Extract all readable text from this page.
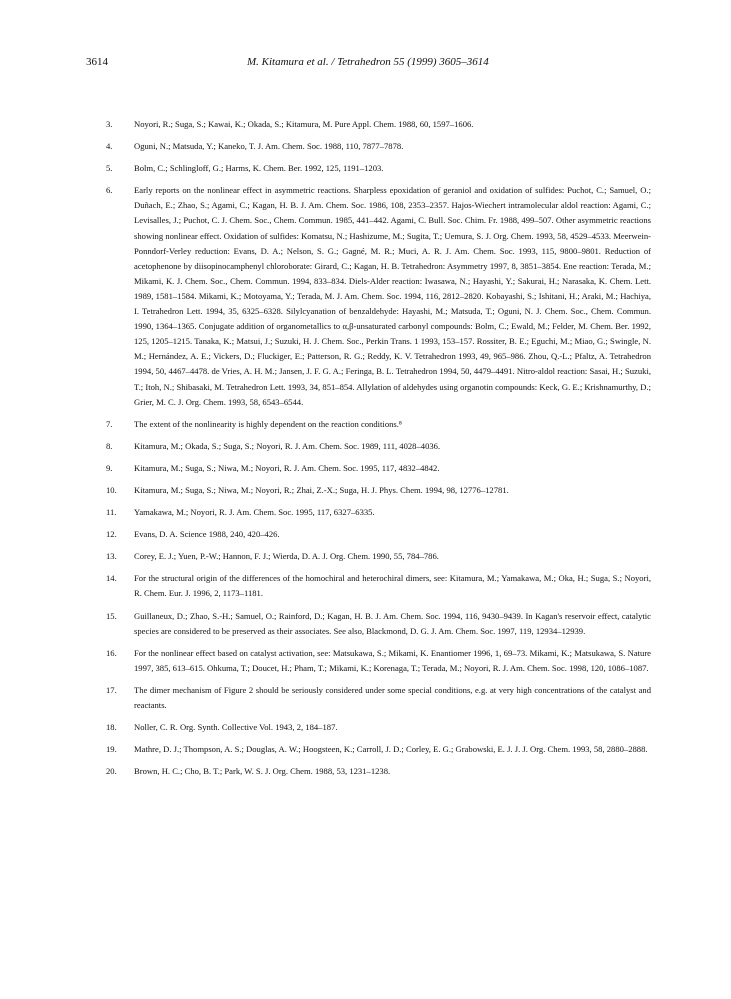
3614	M. Kitamura et al. / Tetrahedron 55 (1999) 3605–3614
3.	Noyori, R.; Suga, S.; Kawai, K.; Okada, S.; Kitamura, M. Pure Appl. Chem. 1988, 60, 1597–1606.
4.	Oguni, N.; Matsuda, Y.; Kaneko, T. J. Am. Chem. Soc. 1988, 110, 7877–7878.
5.	Bolm, C.; Schlingloff, G.; Harms, K. Chem. Ber. 1992, 125, 1191–1203.
6.	Early reports on the nonlinear effect in asymmetric reactions. Sharpless epoxidation of geraniol and oxidation of sulfides: Puchot, C.; Samuel, O.; Duñach, E.; Zhao, S.; Agami, C.; Kagan, H. B. J. Am. Chem. Soc. 1986, 108, 2353–2357. Hajos-Wiechert intramolecular aldol reaction: Agami, C.; Levisalles, J.; Puchot, C. J. Chem. Soc., Chem. Commun. 1985, 441–442. Agami, C. Bull. Soc. Chim. Fr. 1988, 499–507. Other asymmetric reactions showing nonlinear effect. Oxidation of sulfides: Komatsu, N.; Hashizume, M.; Sugita, T.; Uemura, S. J. Org. Chem. 1993, 58, 4529–4533. Meerwein-Ponndorf-Verley reduction: Evans, D. A.; Nelson, S. G.; Gagné, M. R.; Muci, A. R. J. Am. Chem. Soc. 1993, 115, 9800–9801. Reduction of acetophenone by diisopinocamphenyl chloroborate: Girard, C.; Kagan, H. B. Tetrahedron: Asymmetry 1997, 8, 3851–3854. Ene reaction: Terada, M.; Mikami, K. J. Chem. Soc., Chem. Commun. 1994, 833–834. Diels-Alder reaction: Iwasawa, N.; Hayashi, Y.; Sakurai, H.; Narasaka, K. Chem. Lett. 1989, 1581–1584. Mikami, K.; Motoyama, Y.; Terada, M. J. Am. Chem. Soc. 1994, 116, 2812–2820. Kobayashi, S.; Ishitani, H.; Araki, M.; Hachiya, I. Tetrahedron Lett. 1994, 35, 6325–6328. Silylcyanation of benzaldehyde: Hayashi, M.; Matsuda, T.; Oguni, N. J. Chem. Soc., Chem. Commun. 1990, 1364–1365. Conjugate addition of organometallics to α,β-unsaturated carbonyl compounds: Bolm, C.; Ewald, M.; Felder, M. Chem. Ber. 1992, 125, 1205–1215. Tanaka, K.; Matsui, J.; Suzuki, H. J. Chem. Soc., Perkin Trans. 1 1993, 153–157. Rossiter, B. E.; Eguchi, M.; Miao, G.; Swingle, N. M.; Hernández, A. E.; Vickers, D.; Fluckiger, E.; Patterson, R. G.; Reddy, K. V. Tetrahedron 1993, 49, 965–986. Zhou, Q.-L.; Pfaltz, A. Tetrahedron 1994, 50, 4467–4478. de Vries, A. H. M.; Jansen, J. F. G. A.; Feringa, B. L. Tetrahedron 1994, 50, 4479–4491. Nitro-aldol reaction: Sasai, H.; Suzuki, T.; Itoh, N.; Shibasaki, M. Tetrahedron Lett. 1993, 34, 851–854. Allylation of aldehydes using organotin compounds: Keck, G. E.; Krishnamurthy, D.; Grier, M. C. J. Org. Chem. 1993, 58, 6543–6544.
7.	The extent of the nonlinearity is highly dependent on the reaction conditions.⁸
8.	Kitamura, M.; Okada, S.; Suga, S.; Noyori, R. J. Am. Chem. Soc. 1989, 111, 4028–4036.
9.	Kitamura, M.; Suga, S.; Niwa, M.; Noyori, R. J. Am. Chem. Soc. 1995, 117, 4832–4842.
10. Kitamura, M.; Suga, S.; Niwa, M.; Noyori, R.; Zhai, Z.-X.; Suga, H. J. Phys. Chem. 1994, 98, 12776–12781.
11. Yamakawa, M.; Noyori, R. J. Am. Chem. Soc. 1995, 117, 6327–6335.
12. Evans, D. A. Science 1988, 240, 420–426.
13. Corey, E. J.; Yuen, P.-W.; Hannon, F. J.; Wierda, D. A. J. Org. Chem. 1990, 55, 784–786.
14. For the structural origin of the differences of the homochiral and heterochiral dimers, see: Kitamura, M.; Yamakawa, M.; Oka, H.; Suga, S.; Noyori, R. Chem. Eur. J. 1996, 2, 1173–1181.
15. Guillaneux, D.; Zhao, S.-H.; Samuel, O.; Rainford, D.; Kagan, H. B. J. Am. Chem. Soc. 1994, 116, 9430–9439. In Kagan's reservoir effect, catalytic species are considered to be preserved as their associates. See also, Blackmond, D. G. J. Am. Chem. Soc. 1997, 119, 12934–12939.
16. For the nonlinear effect based on catalyst activation, see: Matsukawa, S.; Mikami, K. Enantiomer 1996, 1, 69–73. Mikami, K.; Matsukawa, S. Nature 1997, 385, 613–615. Ohkuma, T.; Doucet, H.; Pham, T.; Mikami, K.; Korenaga, T.; Terada, M.; Noyori, R. J. Am. Chem. Soc. 1998, 120, 1086–1087.
17. The dimer mechanism of Figure 2 should be seriously considered under some special conditions, e.g. at very high concentrations of the catalyst and reactants.
18. Noller, C. R. Org. Synth. Collective Vol. 1943, 2, 184–187.
19. Mathre, D. J.; Thompson, A. S.; Douglas, A. W.; Hoogsteen, K.; Carroll, J. D.; Corley, E. G.; Grabowski, E. J. J. J. Org. Chem. 1993, 58, 2880–2888.
20. Brown, H. C.; Cho, B. T.; Park, W. S. J. Org. Chem. 1988, 53, 1231–1238.
